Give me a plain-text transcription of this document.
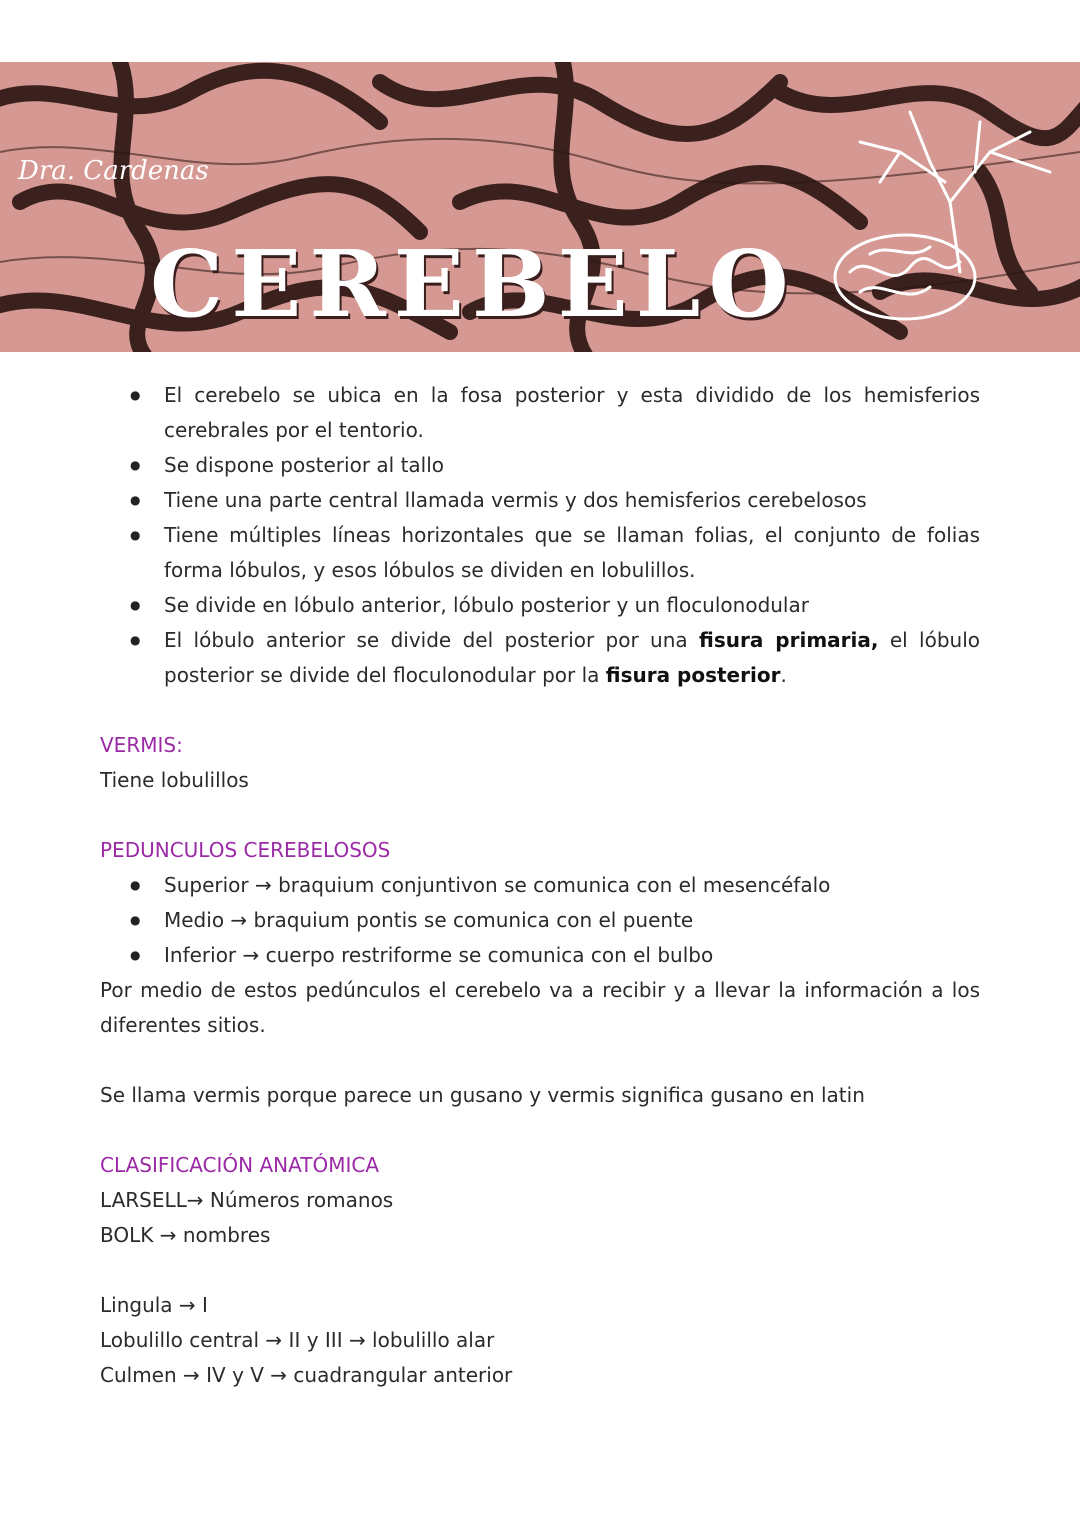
Dra. Cardenas
CEREBELO
● El cerebelo se ubica en la fosa posterior y esta dividido de los hemisferios cerebrales por el tentorio.
● Se dispone posterior al tallo
● Tiene una parte central llamada vermis y dos hemisferios cerebelosos
● Tiene múltiples líneas horizontales que se llaman folias, el conjunto de folias forma lóbulos, y esos lóbulos se dividen en lobulillos.
● Se divide en lóbulo anterior, lóbulo posterior y un floculonodular
● El lóbulo anterior se divide del posterior por una fisura primaria, el lóbulo posterior se divide del floculonodular por la fisura posterior.
VERMIS:
Tiene lobulillos
PEDUNCULOS CEREBELOSOS
● Superior → braquium conjuntivon se comunica con el mesencéfalo
● Medio → braquium pontis se comunica con el puente
● Inferior → cuerpo restriforme se comunica con el bulbo
Por medio de estos pedúnculos el cerebelo va a recibir y a llevar la información a los diferentes sitios.
Se llama vermis porque parece un gusano y vermis significa gusano en latin
CLASIFICACIÓN ANATÓMICA
LARSELL→ Números romanos
BOLK → nombres
Lingula → I
Lobulillo central → II y III → lobulillo alar
Culmen → IV y V → cuadrangular anterior
